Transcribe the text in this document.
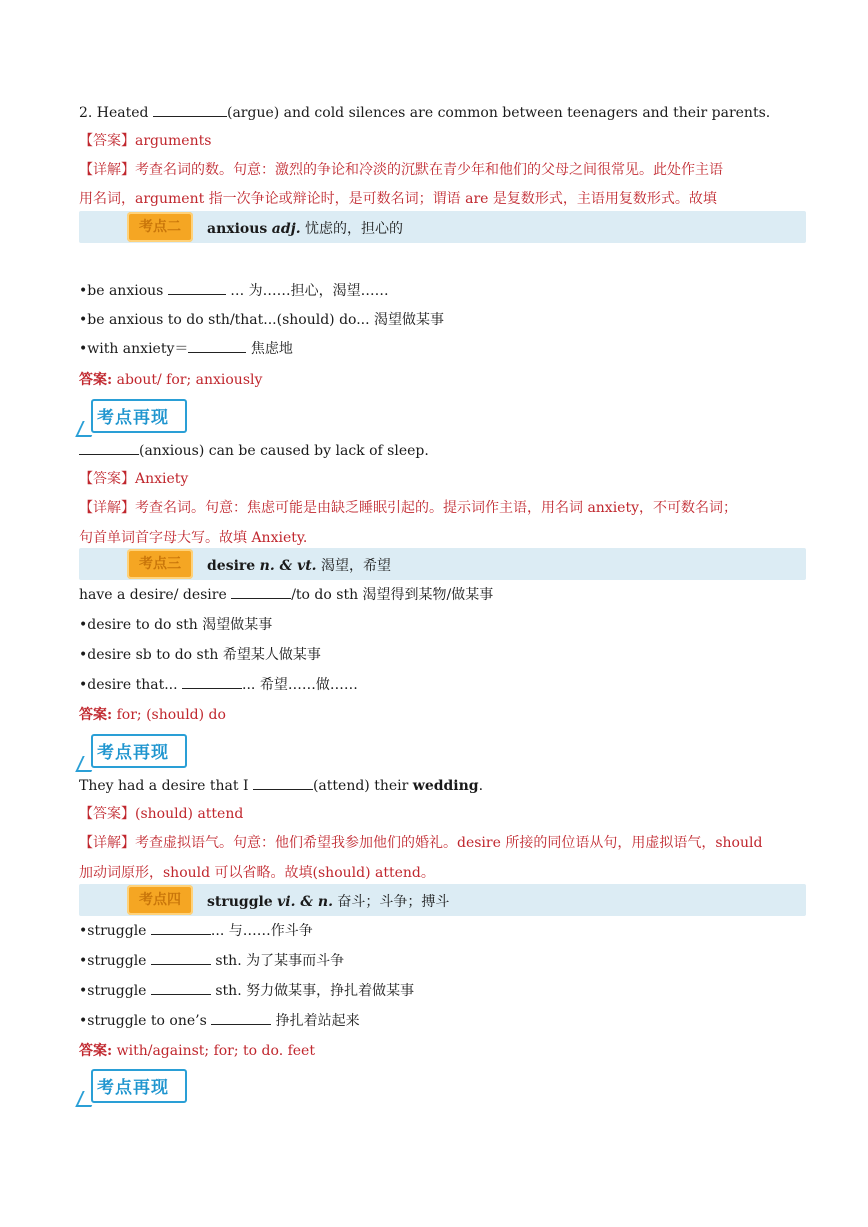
2. Heated	(argue) and cold silences are common between teenagers and their parents.
【答案】arguments
【详解】考查名词的数。句意：激烈的争论和冷淡的沉默在青少年和他们的父母之间很常见。此处作主语
用名词，argument 指一次争论或辩论时，是可数名词；谓语 are 是复数形式，主语用复数形式。故填
考点二	anxious adj. 忧虑的，担心的
•be anxious	… 为……担心，渴望……
•be anxious to do sth/that...(should) do... 渴望做某事
•with anxiety＝	焦虑地
答案: about/ for; anxiously
考点再现
(anxious) can be caused by lack of sleep.
【答案】Anxiety
【详解】考查名词。句意：焦虑可能是由缺乏睡眠引起的。提示词作主语，用名词 anxiety，不可数名词；
句首单词首字母大写。故填 Anxiety.
考点三	desire n. & vt. 渴望，希望
have a desire/ desire	/to do sth 渴望得到某物/做某事
•desire to do sth 渴望做某事
•desire sb to do sth 希望某人做某事
•desire that...	... 希望……做……
答案: for; (should) do
考点再现
They had a desire that I	(attend) their wedding.
【答案】(should) attend
【详解】考查虚拟语气。句意：他们希望我参加他们的婚礼。desire 所接的同位语从句，用虚拟语气，should
加动词原形，should 可以省略。故填(should) attend。
考点四	struggle vi. & n. 奋斗；斗争；搏斗
•struggle	... 与……作斗争
•struggle	sth. 为了某事而斗争
•struggle	sth. 努力做某事，挣扎着做某事
•struggle to one’s	挣扎着站起来
答案: with/against; for; to do. feet
考点再现
